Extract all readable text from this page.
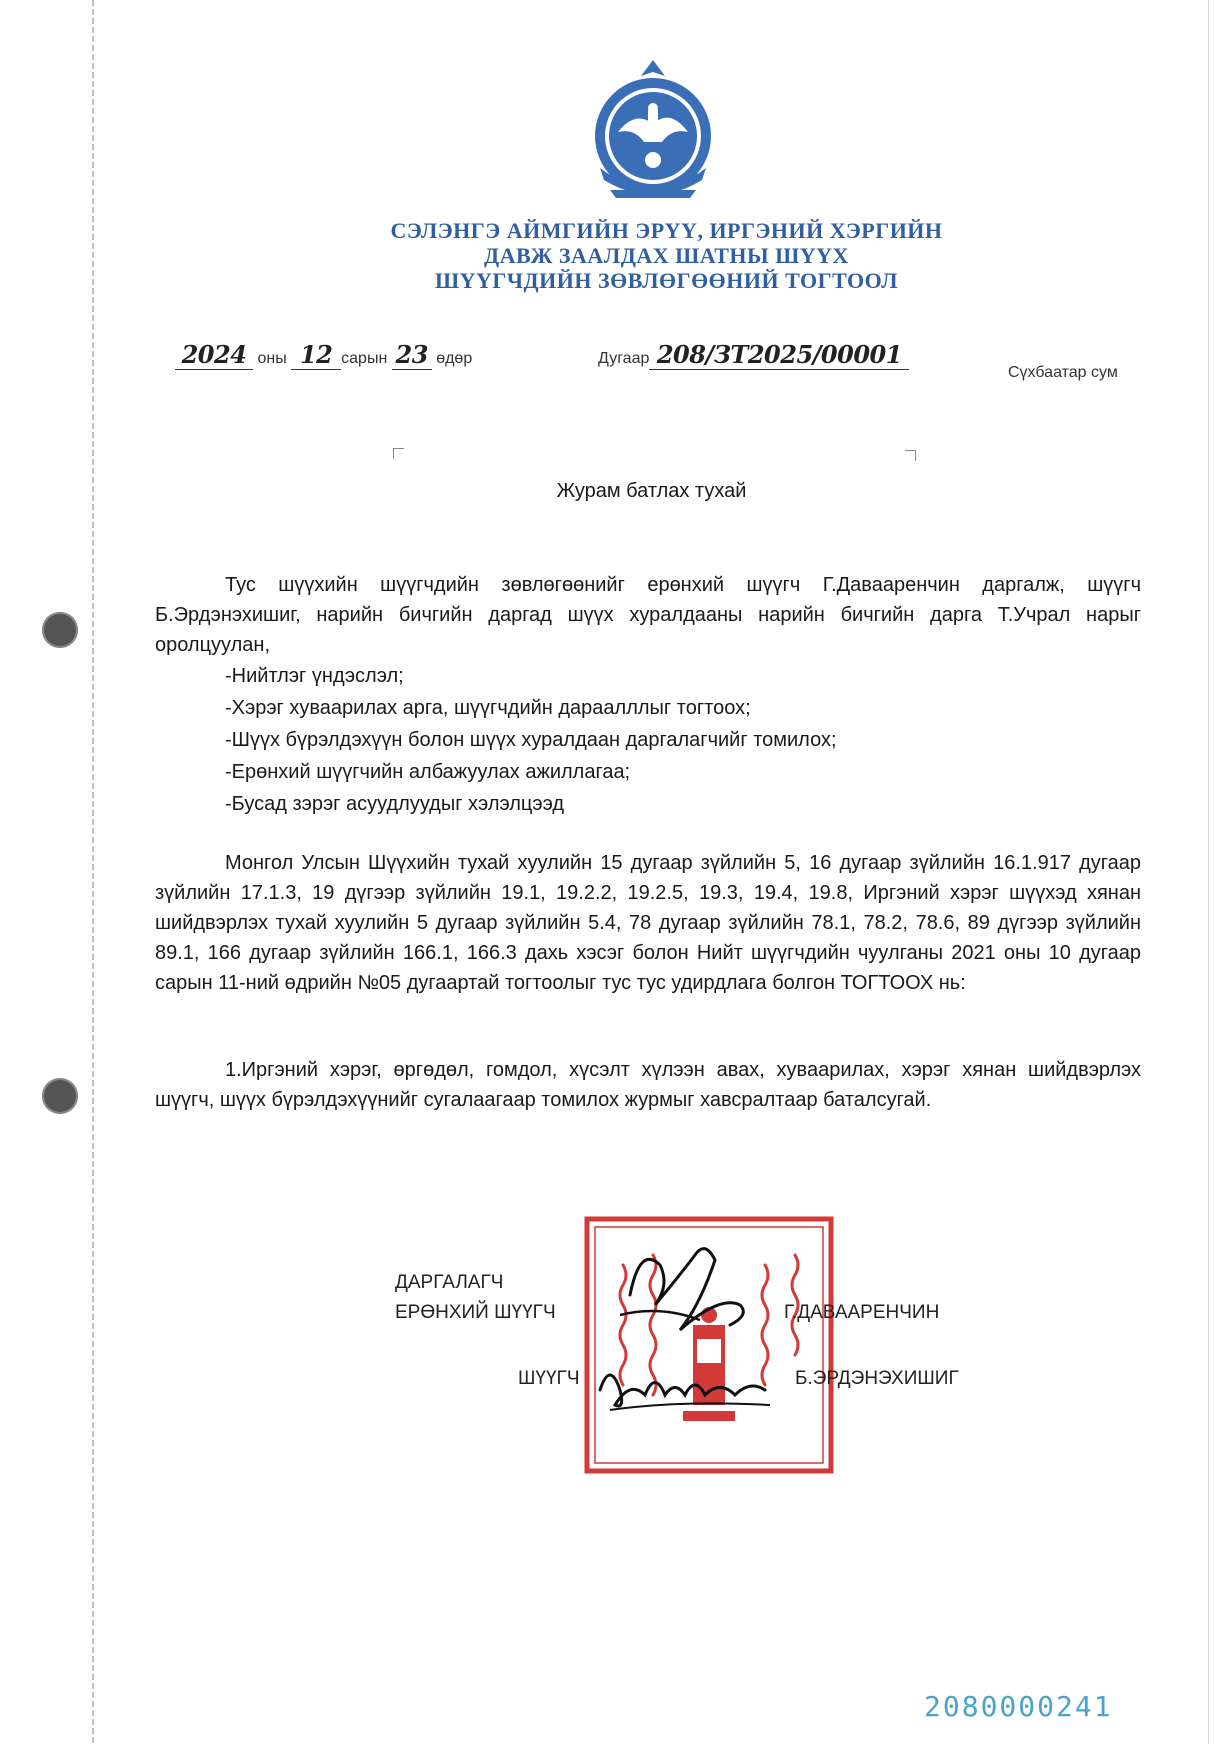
СЭЛЭНГЭ АЙМГИЙН ЭРҮҮ, ИРГЭНИЙ ХЭРГИЙН
ДАВЖ ЗААЛДАХ ШАТНЫ ШҮҮХ
ШҮҮГЧДИЙН ЗӨВЛӨГӨӨНИЙ ТОГТООЛ
2024 оны 12 сарын 23 өдөр	Дугаар 208/ЗТ2025/00001
Сүхбаатар сум
Журам батлах тухай

Тус шүүхийн шүүгчдийн зөвлөгөөнийг ерөнхий шүүгч Г.Давааренчин даргалж, шүүгч Б.Эрдэнэхишиг, нарийн бичгийн даргад шүүх хуралдааны нарийн бичгийн дарга Т.Учрал нарыг оролцуулан,

-Нийтлэг үндэслэл;

-Хэрэг хуваарилах арга, шүүгчдийн дараалллыг тогтоох;

-Шүүх бүрэлдэхүүн болон шүүх хуралдаан даргалагчийг томилох;

-Ерөнхий шүүгчийн албажуулах ажиллагаа;

-Бусад зэрэг асуудлуудыг хэлэлцээд

Монгол Улсын Шүүхийн тухай хуулийн 15 дугаар зүйлийн 5, 16 дугаар зүйлийн 16.1.917 дугаар зүйлийн 17.1.3, 19 дүгээр зүйлийн 19.1, 19.2.2, 19.2.5, 19.3, 19.4, 19.8, Иргэний хэрэг шүүхэд хянан шийдвэрлэх тухай хуулийн 5 дугаар зүйлийн 5.4, 78 дугаар зүйлийн 78.1, 78.2, 78.6, 89 дүгээр зүйлийн 89.1, 166 дугаар зүйлийн 166.1, 166.3 дахь хэсэг болон Нийт шүүгчдийн чуулганы 2021 оны 10 дугаар сарын 11-ний өдрийн №05 дугаартай тогтоолыг тус тус удирдлага болгон ТОГТООХ нь:

1.Иргэний хэрэг, өргөдөл, гомдол, хүсэлт хүлээн авах, хуваарилах, хэрэг хянан шийдвэрлэх шүүгч, шүүх бүрэлдэхүүнийг сугалаагаар томилох журмыг хавсралтаар баталсугай.

ДАРГАЛАГЧ
ЕРӨНХИЙ ШҮҮГЧ	Г.ДАВААРЕНЧИН
ШҮҮГЧ	Б.ЭРДЭНЭХИШИГ
2080000241
